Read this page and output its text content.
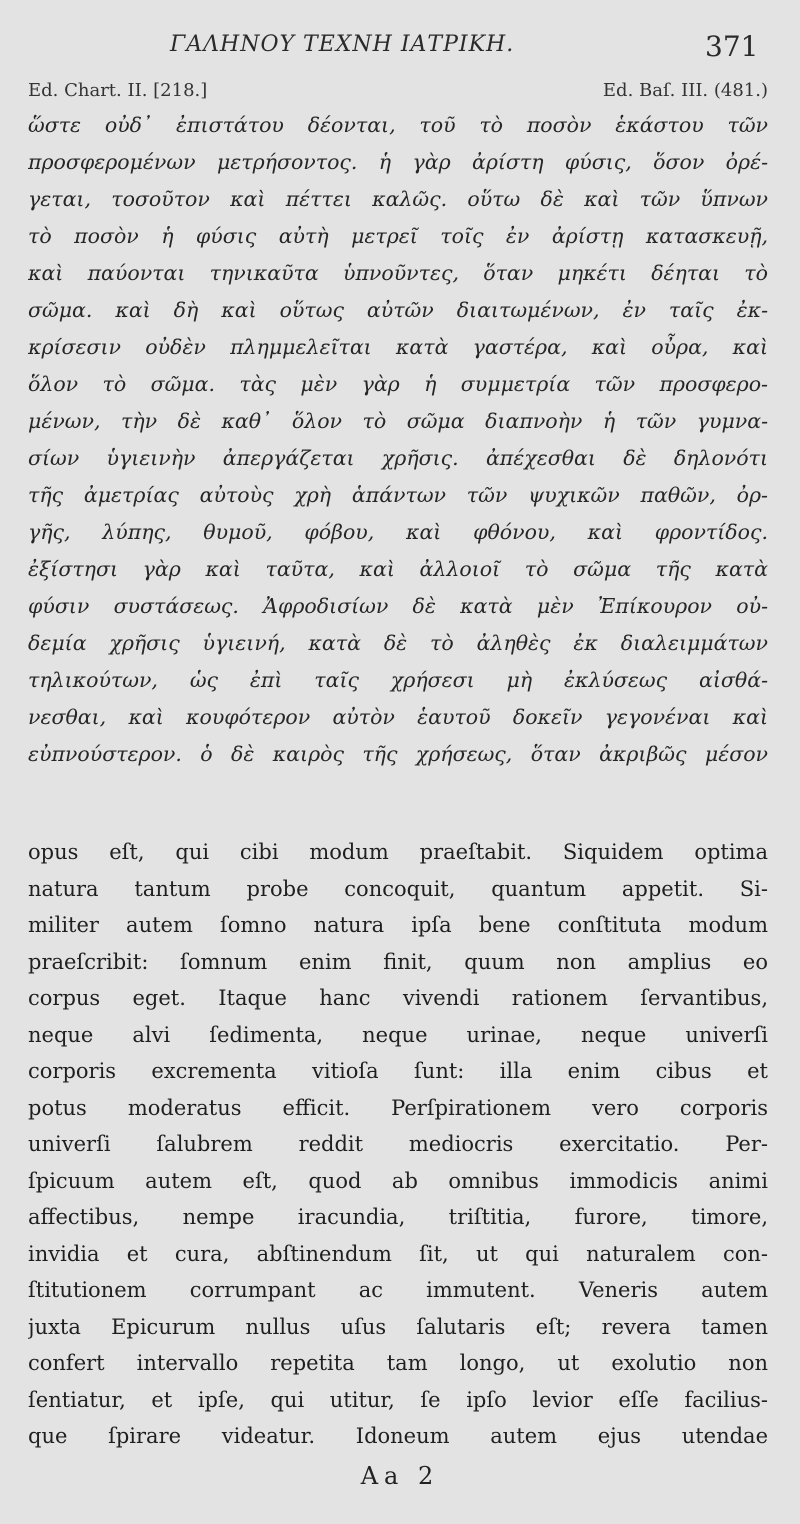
ΓΑΛΗΝΟΥ ΤΕΧΝΗ ΙΑΤΡΙΚΗ.	371
Ed. Chart. II. [218.]	Ed. Baſ. III. (481.)
ὥστε οὐδ᾽ ἐπιστάτου δέονται, τοῦ τὸ ποσὸν ἑκάστου τῶν
προσφερομένων μετρήσοντος. ἡ γὰρ ἀρίστη φύσις, ὅσον ὀρέ-
γεται, τοσοῦτον καὶ πέττει καλῶς. οὕτω δὲ καὶ τῶν ὕπνων
τὸ ποσὸν ἡ φύσις αὐτὴ μετρεῖ τοῖς ἐν ἀρίστῃ κατασκευῇ,
καὶ παύονται τηνικαῦτα ὑπνοῦντες, ὅταν μηκέτι δέηται τὸ
σῶμα. καὶ δὴ καὶ οὕτως αὐτῶν διαιτωμένων, ἐν ταῖς ἐκ-
κρίσεσιν οὐδὲν πλημμελεῖται κατὰ γαστέρα, καὶ οὖρα, καὶ
ὅλον τὸ σῶμα. τὰς μὲν γὰρ ἡ συμμετρία τῶν προσφερο-
μένων, τὴν δὲ καθ᾽ ὅλον τὸ σῶμα διαπνοὴν ἡ τῶν γυμνα-
σίων ὑγιεινὴν ἀπεργάζεται χρῆσις. ἀπέχεσθαι δὲ δηλονότι
τῆς ἀμετρίας αὐτοὺς χρὴ ἁπάντων τῶν ψυχικῶν παθῶν, ὀρ-
γῆς, λύπης, θυμοῦ, φόβου, καὶ φθόνου, καὶ φροντίδος.
ἐξίστησι γὰρ καὶ ταῦτα, καὶ ἀλλοιοῖ τὸ σῶμα τῆς κατὰ
φύσιν συστάσεως. Ἀφροδισίων δὲ κατὰ μὲν Ἐπίκουρον οὐ-
δεμία χρῆσις ὑγιεινή, κατὰ δὲ τὸ ἀληθὲς ἐκ διαλειμμάτων
τηλικούτων, ὡς ἐπὶ ταῖς χρήσεσι μὴ ἐκλύσεως αἰσθά-
νεσθαι, καὶ κουφότερον αὐτὸν ἑαυτοῦ δοκεῖν γεγονέναι καὶ
εὐπνούστερον. ὁ δὲ καιρὸς τῆς χρήσεως, ὅταν ἀκριβῶς μέσον
opus eſt, qui cibi modum praeſtabit. Siquidem optima
natura tantum probe concoquit, quantum appetit. Si-
militer autem ſomno natura ipſa bene conſtituta modum
praeſcribit: ſomnum enim finit, quum non amplius eo
corpus eget. Itaque hanc vivendi rationem ſervantibus,
neque alvi ſedimenta, neque urinae, neque univerſi
corporis excrementa vitioſa ſunt: illa enim cibus et
potus moderatus efficit. Perſpirationem vero corporis
univerſi ſalubrem reddit mediocris exercitatio. Per-
ſpicuum autem eſt, quod ab omnibus immodicis animi
affectibus, nempe iracundia, triſtitia, furore, timore,
invidia et cura, abſtinendum ſit, ut qui naturalem con-
ſtitutionem corrumpant ac immutent. Veneris autem
juxta Epicurum nullus uſus ſalutaris eſt; revera tamen
confert intervallo repetita tam longo, ut exolutio non
ſentiatur, et ipſe, qui utitur, ſe ipſo levior eſſe facilius-
que ſpirare videatur. Idoneum autem ejus utendae
Aa 2
